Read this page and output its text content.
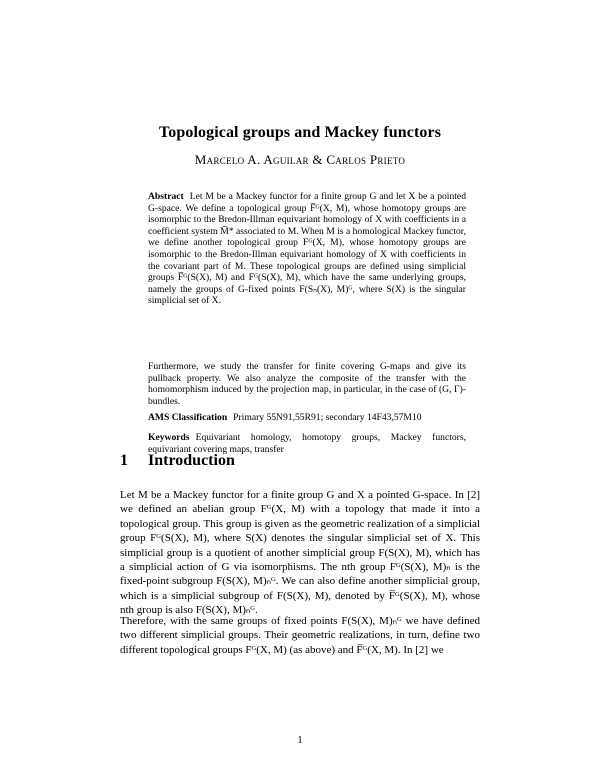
Topological groups and Mackey functors
Marcelo A. Aguilar & Carlos Prieto
Abstract Let M be a Mackey functor for a finite group G and let X be a pointed G-space. We define a topological group F̅ᴳ(X, M), whose homotopy groups are isomorphic to the Bredon-Illman equivariant homology of X with coefficients in a coefficient system M̅* associated to M. When M is a homological Mackey functor, we define another topological group Fᴳ(X, M), whose homotopy groups are isomorphic to the Bredon-Illman equivariant homology of X with coefficients in the covariant part of M. These topological groups are defined using simplicial groups F̅ᴳ(S(X), M) and Fᴳ(S(X), M), which have the same underlying groups, namely the groups of G-fixed points F(Sₙ(X), M)ᴳ, where S(X) is the singular simplicial set of X.
Furthermore, we study the transfer for finite covering G-maps and give its pullback property. We also analyze the composite of the transfer with the homomorphism induced by the projection map, in particular, in the case of (G, Γ)-bundles.
AMS Classification Primary 55N91,55R91; secondary 14F43,57M10
Keywords Equivariant homology, homotopy groups, Mackey functors, equivariant covering maps, transfer
1 Introduction
Let M be a Mackey functor for a finite group G and X a pointed G-space. In [2] we defined an abelian group Fᴳ(X, M) with a topology that made it into a topological group. This group is given as the geometric realization of a simplicial group Fᴳ(S(X), M), where S(X) denotes the singular simplicial set of X. This simplicial group is a quotient of another simplicial group F(S(X), M), which has a simplicial action of G via isomorphisms. The nth group Fᴳ(S(X), M)ₙ is the fixed-point subgroup F(S(X), M)ₙᴳ. We can also define another simplicial group, which is a simplicial subgroup of F(S(X), M), denoted by F̅ᴳ(S(X), M), whose nth group is also F(S(X), M)ₙᴳ.
Therefore, with the same groups of fixed points F(S(X), M)ₙᴳ we have defined two different simplicial groups. Their geometric realizations, in turn, define two different topological groups Fᴳ(X, M) (as above) and F̅ᴳ(X, M). In [2] we
1
